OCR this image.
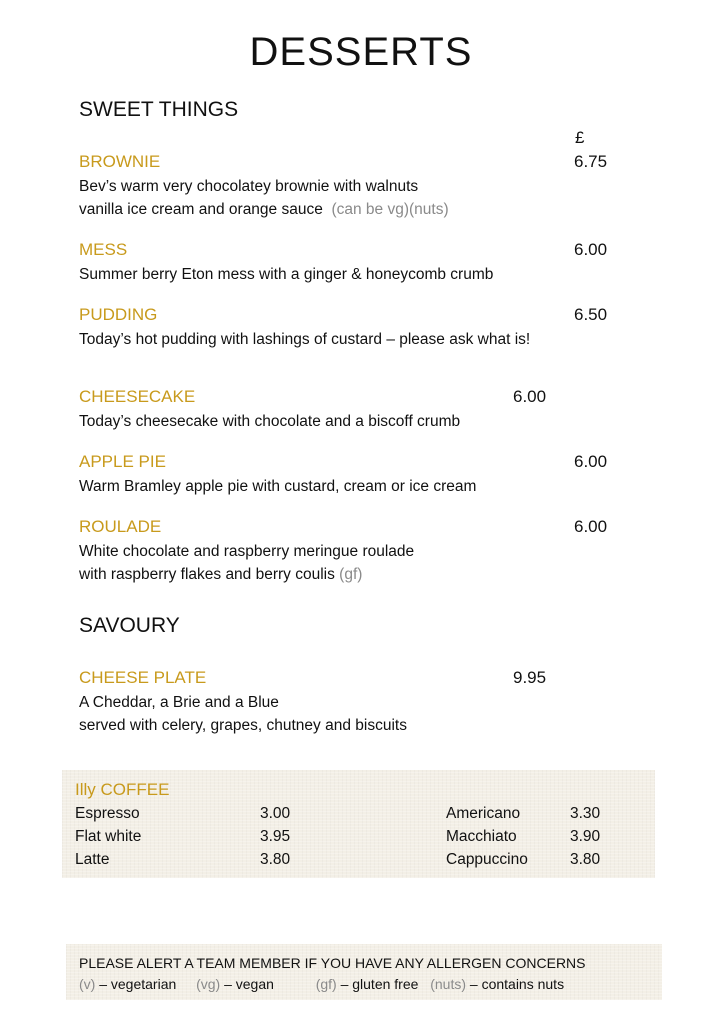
DESSERTS
SWEET THINGS
£
BROWNIE	6.75
Bev’s warm very chocolatey brownie with walnuts
vanilla ice cream and orange sauce (can be vg)(nuts)
MESS	6.00
Summer berry Eton mess with a ginger & honeycomb crumb
PUDDING	6.50
Today’s hot pudding with lashings of custard – please ask what is!
CHEESECAKE	6.00
Today’s cheesecake with chocolate and a biscoff crumb
APPLE PIE	6.00
Warm Bramley apple pie with custard, cream or ice cream
ROULADE	6.00
White chocolate and raspberry meringue roulade
with raspberry flakes and berry coulis (gf)
SAVOURY
CHEESE PLATE	9.95
A Cheddar, a Brie and a Blue
served with celery, grapes, chutney and biscuits
Illy COFFEE
Espresso	3.00
Flat white	3.95
Latte	3.80
Americano	3.30
Macchiato	3.90
Cappuccino	3.80
PLEASE ALERT A TEAM MEMBER IF YOU HAVE ANY ALLERGEN CONCERNS
(v) – vegetarian (vg) – vegan	(gf) – gluten free (nuts) – contains nuts
